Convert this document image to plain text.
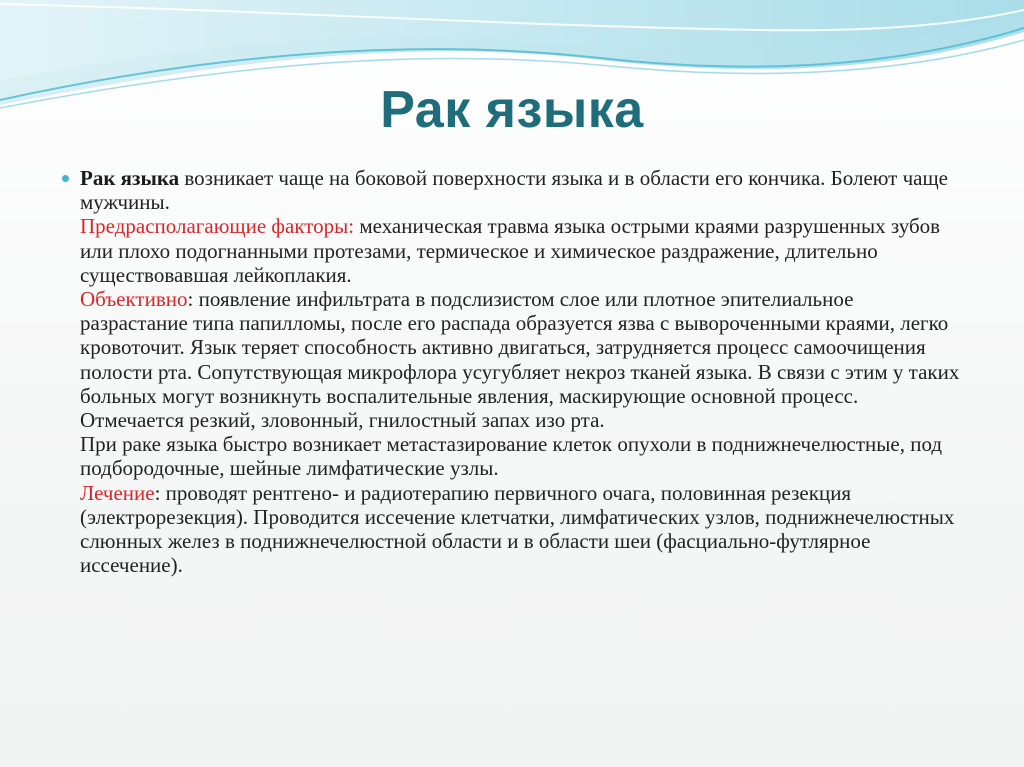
Рак языка

Рак языка возникает чаще на боковой поверхности языка и в области его кончика. Болеют чаще мужчины.
Предрасполагающие факторы: механическая травма языка острыми краями разрушенных зубов или плохо подогнанными протезами, термическое и химическое раздражение, длительно существовавшая лейкоплакия.
Объективно: появление инфильтрата в подслизистом слое или плотное эпителиальное разрастание типа папилломы, после его распада образуется язва с вывороченными краями, легко кровоточит. Язык теряет способность активно двигаться, затрудняется процесс самоочищения полости рта. Сопутствующая микрофлора усугубляет некроз тканей языка. В связи с этим у таких больных могут возникнуть воспалительные явления, маскирующие основной процесс. Отмечается резкий, зловонный, гнилостный запах изо рта.
При раке языка быстро возникает метастазирование клеток опухоли в поднижнечелюстные, под подбородочные, шейные лимфатические узлы.
Лечение: проводят рентгено- и радиотерапию первичного очага, половинная резекция (электрорезекция). Проводится иссечение клетчатки, лимфатических узлов, поднижнечелюстных слюнных желез в поднижнечелюстной области и в области шеи (фасциально-футлярное иссечение).
